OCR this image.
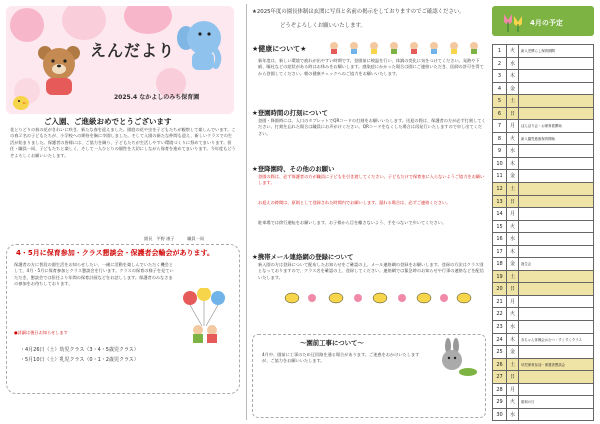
えんだより
2025.4 なかよしのみち保育園
ご入園、ご進級おめでとうございます
花とりどりの春の花がきれいに咲き、新たな春を迎えました。園庭の花や虫を子どもたちが観察して楽しんでいます。この春２名の子どもたちが、小学校への期待を胸に卒園しました。そして入園の新たな仲間も迎え、新しいクラスでの生活が始まりました。保護者の皆様には、ご協力を賜り、子どもたちが生活しやすい環境づくりに努めてまいります。担任・職員一同、子どもたちと楽しく、そして一人ひとりの個性を大切にしながら保育を進めてまいります。今年度もどうぞよろしくお願いいたします。
園長　平野 康子　　　職員一同
4・5月に保育参加・クラス懇談会・保護者会輪会があります。
保護者の方に普段の園生活をお知らせしたい、一緒に活動を楽しんでいただく機会として、4月・5月に保育参加とクラス懇談会を行います。クラスの保育の様子を見ていただき、懇談会では担任より年間の保育計画などをお話しします。保護者のみなさまの参加をお待ちしております。
●詳細は後日お知らせします
・4月26日（土）幼児クラス（3・4・5歳児クラス）
・5月10日（土）乳児クラス（0・1・2歳児クラス）
★2025年度の園長体制は玄関に写真と名前の掲示をしておりますのでご確認ください。
どうぞよろしくお願いいたします。
★健康について★
新年度は、新しい環境で疲れが出やすい時期です。登園前に検温を行い、体調の変化に気をつけてください。発熱や下痢、嘔吐などの症状がある時はお休みをお願いします。感染症にかかった場合は園にご連絡いただき、医師の許可を得てから登園してください。朝の健康チェックへのご協力をお願いいたします。
★登園時間の打刻について
登園・降園時には、入口のタブレットでQRコードの打刻をお願いいたします。送迎の際は、保護者の方が必ず打刻してください。打刻を忘れた場合は職員にお声がけください。QRコードをなくした場合は再発行いたしますので申し出てください。
★登降園時、その他のお願い
登園の際は、必ず保護者の方が職員に子どもを引き渡してください。子どもだけで保育室に入らないようご協力をお願いします。
お迎えの時間は、原則として登録された時間内でお願いします。遅れる場合は、必ずご連絡ください。
駐車場では徐行運転をお願いします。お子様から目を離さないよう、手をつないで歩いてください。
★携帯メール連絡網の登録について
新入園の方は登録について配布したお知らせをご確認の上、メール連絡網の登録をお願いします。登録の方法はクラス別となっておりますので、クラス名を確認の上、登録してください。連絡網では緊急時のお知らせや行事の連絡などを配信いたします。
〜園前工事について〜
4月中、園前に工事のため迂回路を通る場合があります。ご迷惑をおかけいたしますが、ご協力をお願いいたします。
4月の予定
1	火	新入児慣らし保育期間
2	水
3	木
4	金
5	土
6	日
7	月	ぼんぼり会・お保育着開始
8	火	新入園児進級保育開始
9	水
10	木
11	金
12	土
13	日
14	月
15	火
16	水
17	木
18	金	誕生会
19	土
20	日
21	月
22	火
23	水
24	木	赤ちゃん体操会おむつ・すくすくクラス
25	金
26	土	幼児保育参加・保護者懇談会
27	日
28	月
29	火	昭和の日
30	水
